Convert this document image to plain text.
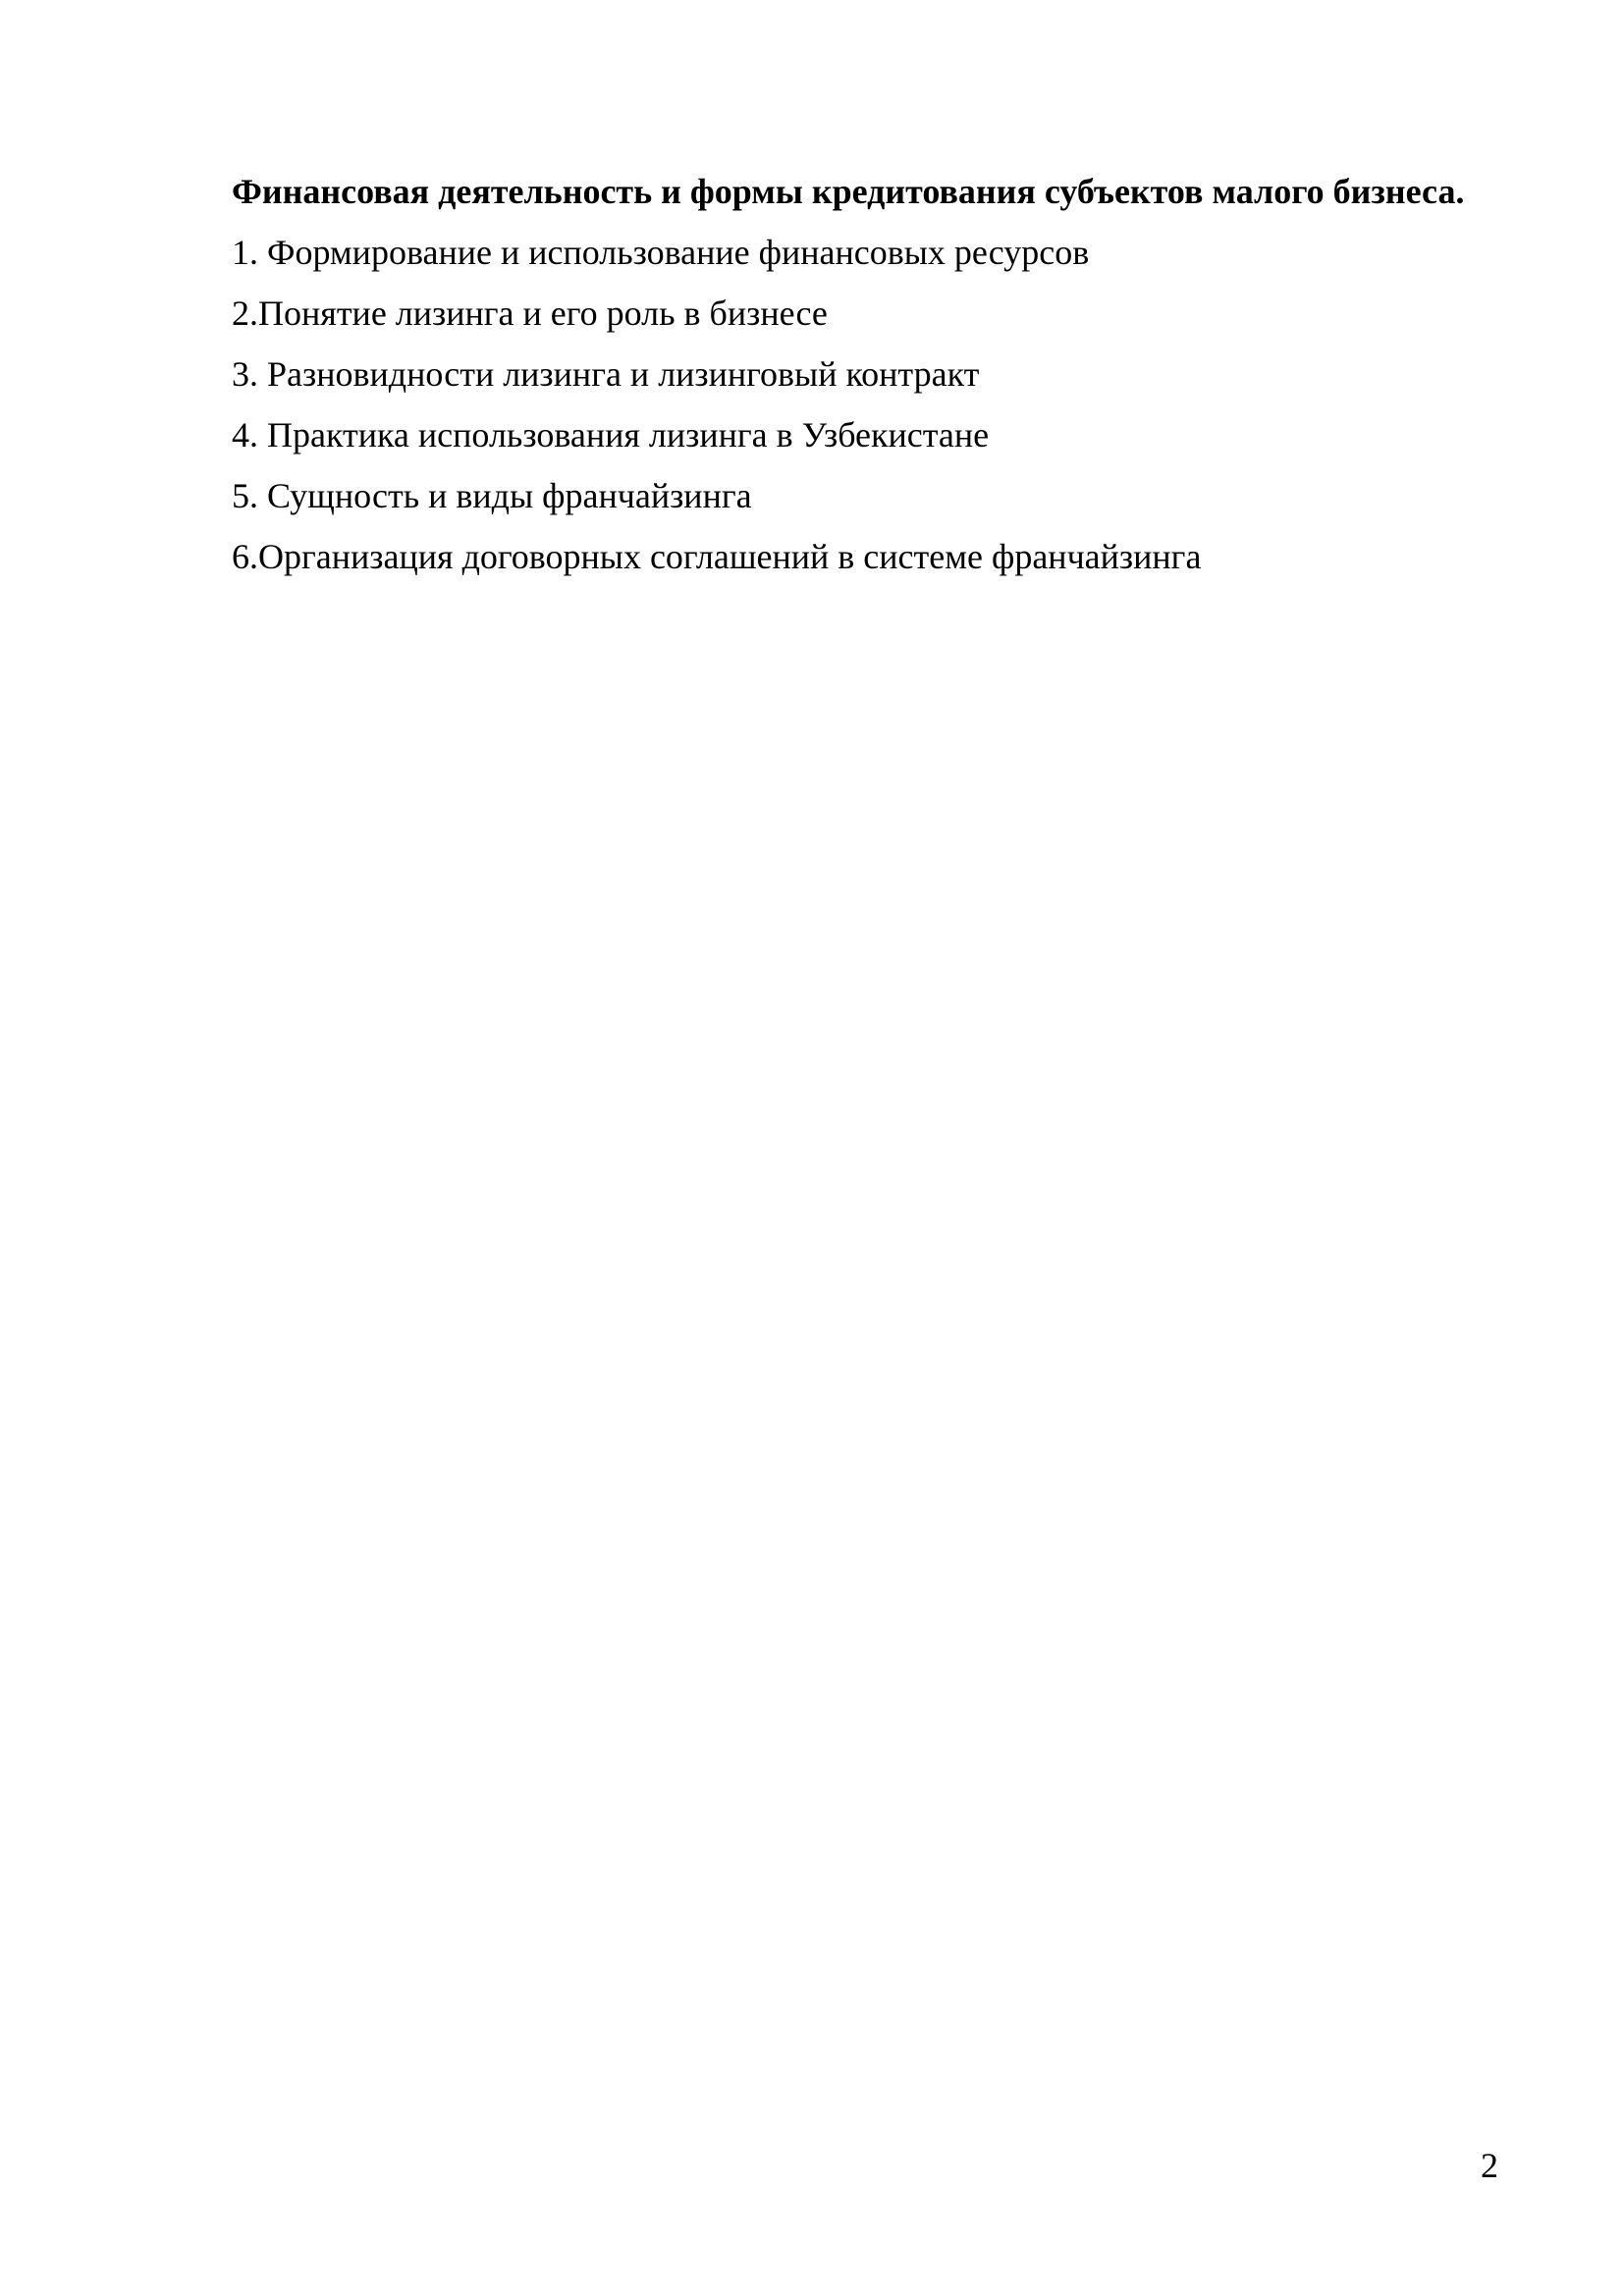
Финансовая деятельность и формы кредитования субъектов малого бизнеса.

1. Формирование и использование финансовых ресурсов
2.Понятие лизинга и его роль в бизнесе
3. Разновидности лизинга и лизинговый контракт
4. Практика использования лизинга в Узбекистане
5. Сущность и виды франчайзинга
6.Организация договорных соглашений в системе франчайзинга
2
